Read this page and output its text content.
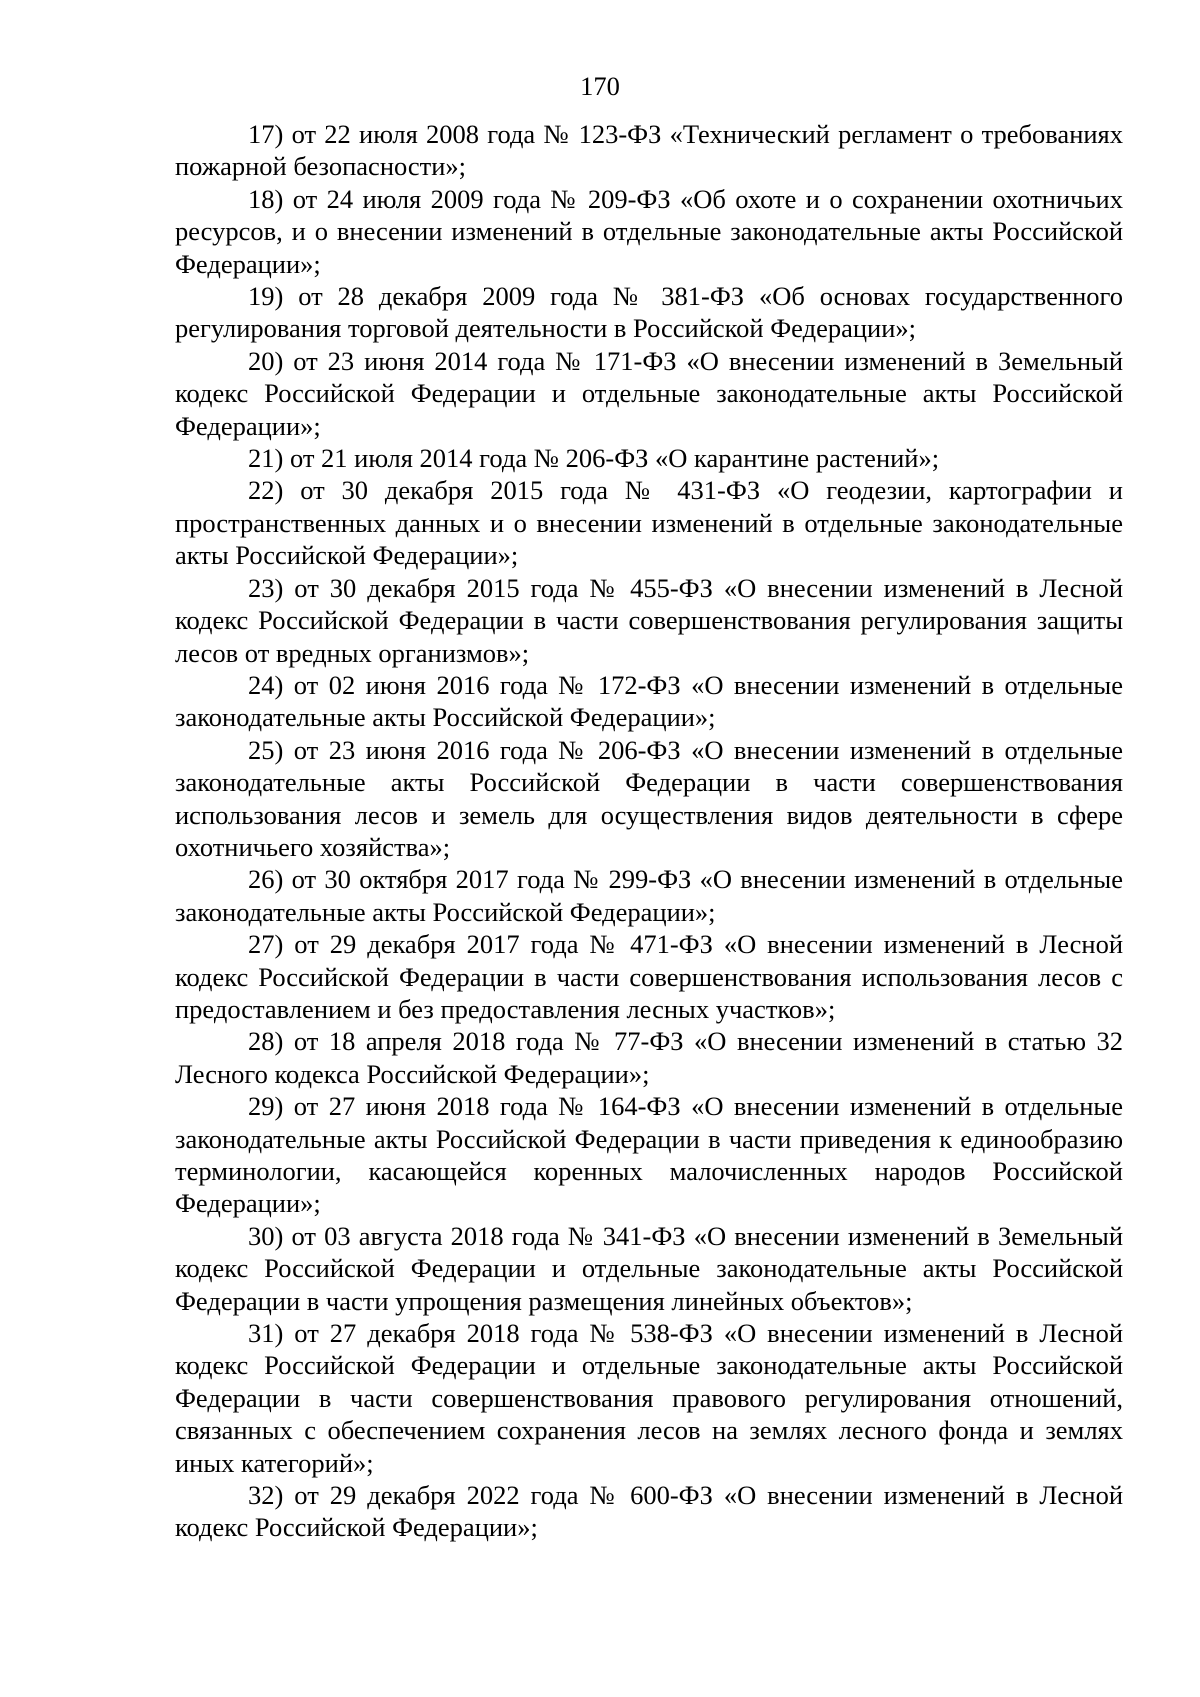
170

17) от 22 июля 2008 года № 123-ФЗ «Технический регламент о требованиях пожарной безопасности»;

18) от 24 июля 2009 года № 209-ФЗ «Об охоте и о сохранении охотничьих ресурсов, и о внесении изменений в отдельные законодательные акты Российской Федерации»;

19) от 28 декабря 2009 года № 381-ФЗ «Об основах государственного регулирования торговой деятельности в Российской Федерации»;

20) от 23 июня 2014 года № 171-ФЗ «О внесении изменений в Земельный кодекс Российской Федерации и отдельные законодательные акты Российской Федерации»;

21) от 21 июля 2014 года № 206-ФЗ «О карантине растений»;

22) от 30 декабря 2015 года № 431-ФЗ «О геодезии, картографии и пространственных данных и о внесении изменений в отдельные законодательные акты Российской Федерации»;

23) от 30 декабря 2015 года № 455-ФЗ «О внесении изменений в Лесной кодекс Российской Федерации в части совершенствования регулирования защиты лесов от вредных организмов»;

24) от 02 июня 2016 года № 172-ФЗ «О внесении изменений в отдельные законодательные акты Российской Федерации»;

25) от 23 июня 2016 года № 206-ФЗ «О внесении изменений в отдельные законодательные акты Российской Федерации в части совершенствования использования лесов и земель для осуществления видов деятельности в сфере охотничьего хозяйства»;

26) от 30 октября 2017 года № 299-ФЗ «О внесении изменений в отдельные законодательные акты Российской Федерации»;

27) от 29 декабря 2017 года № 471-ФЗ «О внесении изменений в Лесной кодекс Российской Федерации в части совершенствования использования лесов с предоставлением и без предоставления лесных участков»;

28) от 18 апреля 2018 года № 77-ФЗ «О внесении изменений в статью 32 Лесного кодекса Российской Федерации»;

29) от 27 июня 2018 года № 164-ФЗ «О внесении изменений в отдельные законодательные акты Российской Федерации в части приведения к единообразию терминологии, касающейся коренных малочисленных народов Российской Федерации»;

30) от 03 августа 2018 года № 341-ФЗ «О внесении изменений в Земельный кодекс Российской Федерации и отдельные законодательные акты Российской Федерации в части упрощения размещения линейных объектов»;

31) от 27 декабря 2018 года № 538-ФЗ «О внесении изменений в Лесной кодекс Российской Федерации и отдельные законодательные акты Российской Федерации в части совершенствования правового регулирования отношений, связанных с обеспечением сохранения лесов на землях лесного фонда и землях иных категорий»;

32) от 29 декабря 2022 года № 600-ФЗ «О внесении изменений в Лесной кодекс Российской Федерации»;
